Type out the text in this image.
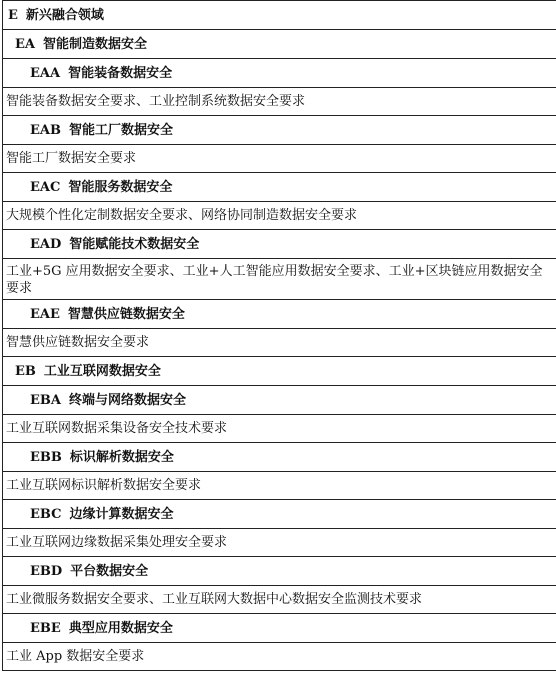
E 新兴融合领域
EA 智能制造数据安全
EAA 智能装备数据安全
智能装备数据安全要求、工业控制系统数据安全要求
EAB 智能工厂数据安全
智能工厂数据安全要求
EAC 智能服务数据安全
大规模个性化定制数据安全要求、网络协同制造数据安全要求
EAD 智能赋能技术数据安全
工业+5G 应用数据安全要求、工业+人工智能应用数据安全要求、工业+区块链应用数据安全要求
EAE 智慧供应链数据安全
智慧供应链数据安全要求
EB 工业互联网数据安全
EBA 终端与网络数据安全
工业互联网数据采集设备安全技术要求
EBB 标识解析数据安全
工业互联网标识解析数据安全要求
EBC 边缘计算数据安全
工业互联网边缘数据采集处理安全要求
EBD 平台数据安全
工业微服务数据安全要求、工业互联网大数据中心数据安全监测技术要求
EBE 典型应用数据安全
工业 App 数据安全要求
